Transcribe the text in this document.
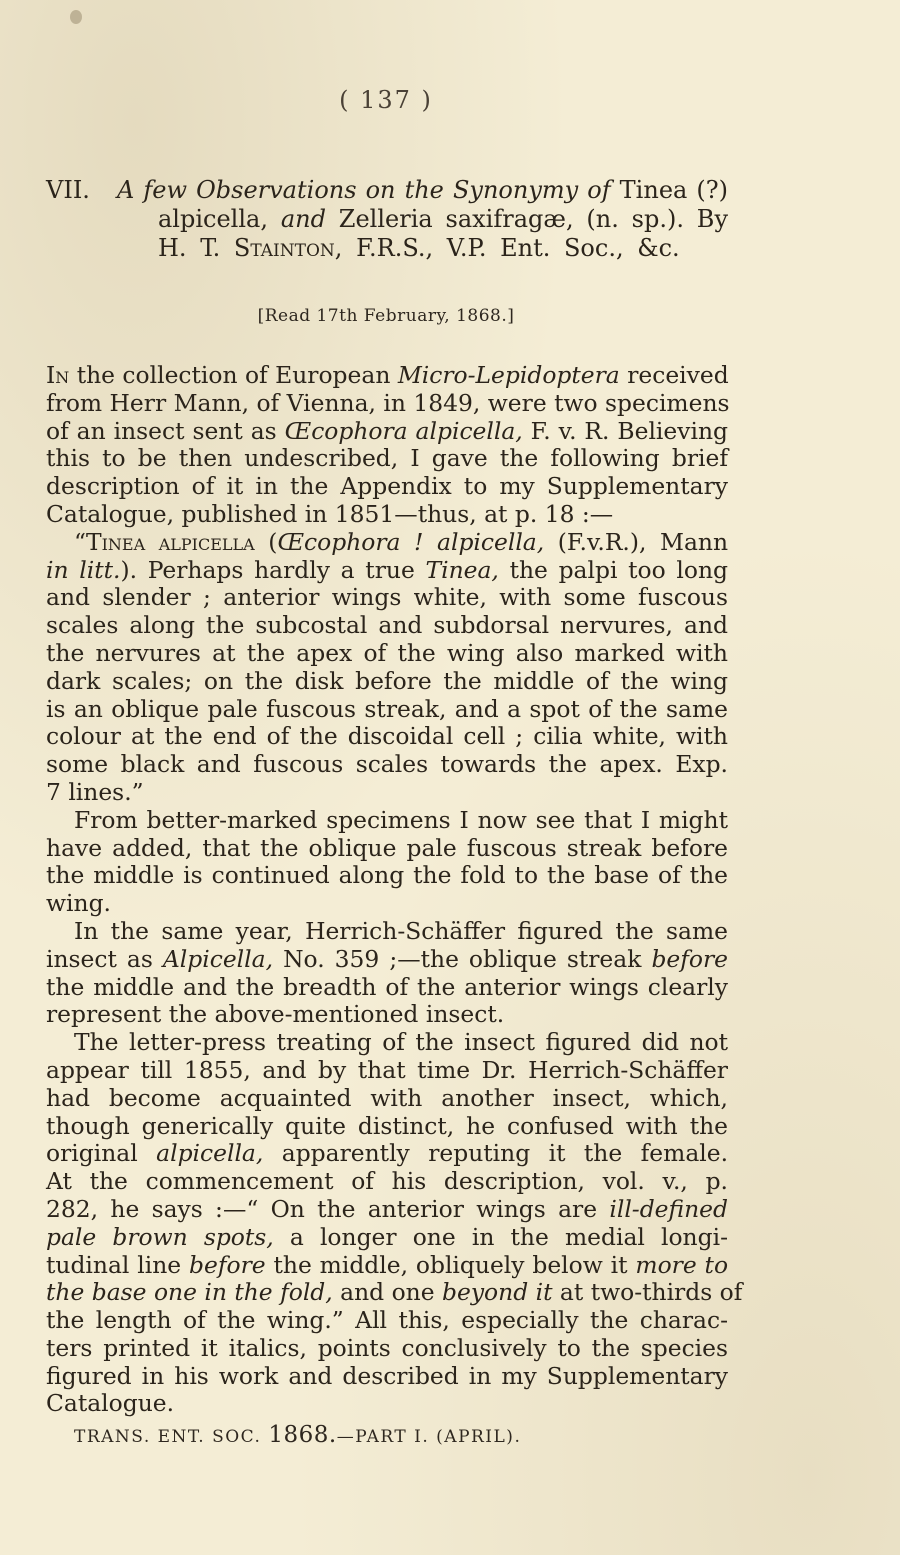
( 137 )
VII. A few Observations on the Synonymy of Tinea (?)
alpicella, and Zelleria saxifragæ, (n. sp.). By
H. T. Stainton, F.R.S., V.P. Ent. Soc., &c.
[Read 17th February, 1868.]
In the collection of European Micro-Lepidoptera received
from Herr Mann, of Vienna, in 1849, were two specimens
of an insect sent as Œcophora alpicella, F. v. R. Believing
this to be then undescribed, I gave the following brief
description of it in the Appendix to my Supplementary
Catalogue, published in 1851—thus, at p. 18 :—
“Tinea alpicella (Œcophora ! alpicella, (F.v.R.), Mann
in litt.). Perhaps hardly a true Tinea, the palpi too long
and slender ; anterior wings white, with some fuscous
scales along the subcostal and subdorsal nervures, and
the nervures at the apex of the wing also marked with
dark scales; on the disk before the middle of the wing
is an oblique pale fuscous streak, and a spot of the same
colour at the end of the discoidal cell ; cilia white, with
some black and fuscous scales towards the apex. Exp.
7 lines.”
From better-marked specimens I now see that I might
have added, that the oblique pale fuscous streak before
the middle is continued along the fold to the base of the
wing.
In the same year, Herrich-Schäffer figured the same
insect as Alpicella, No. 359 ;—the oblique streak before
the middle and the breadth of the anterior wings clearly
represent the above-mentioned insect.
The letter-press treating of the insect figured did not
appear till 1855, and by that time Dr. Herrich-Schäffer
had become acquainted with another insect, which,
though generically quite distinct, he confused with the
original alpicella, apparently reputing it the female.
At the commencement of his description, vol. v., p.
282, he says :—“ On the anterior wings are ill-defined
pale brown spots, a longer one in the medial longi-
tudinal line before the middle, obliquely below it more to
the base one in the fold, and one beyond it at two-thirds of
the length of the wing.” All this, especially the charac-
ters printed it italics, points conclusively to the species
figured in his work and described in my Supplementary
Catalogue.
TRANS. ENT. SOC. 1868.—PART I. (APRIL).
